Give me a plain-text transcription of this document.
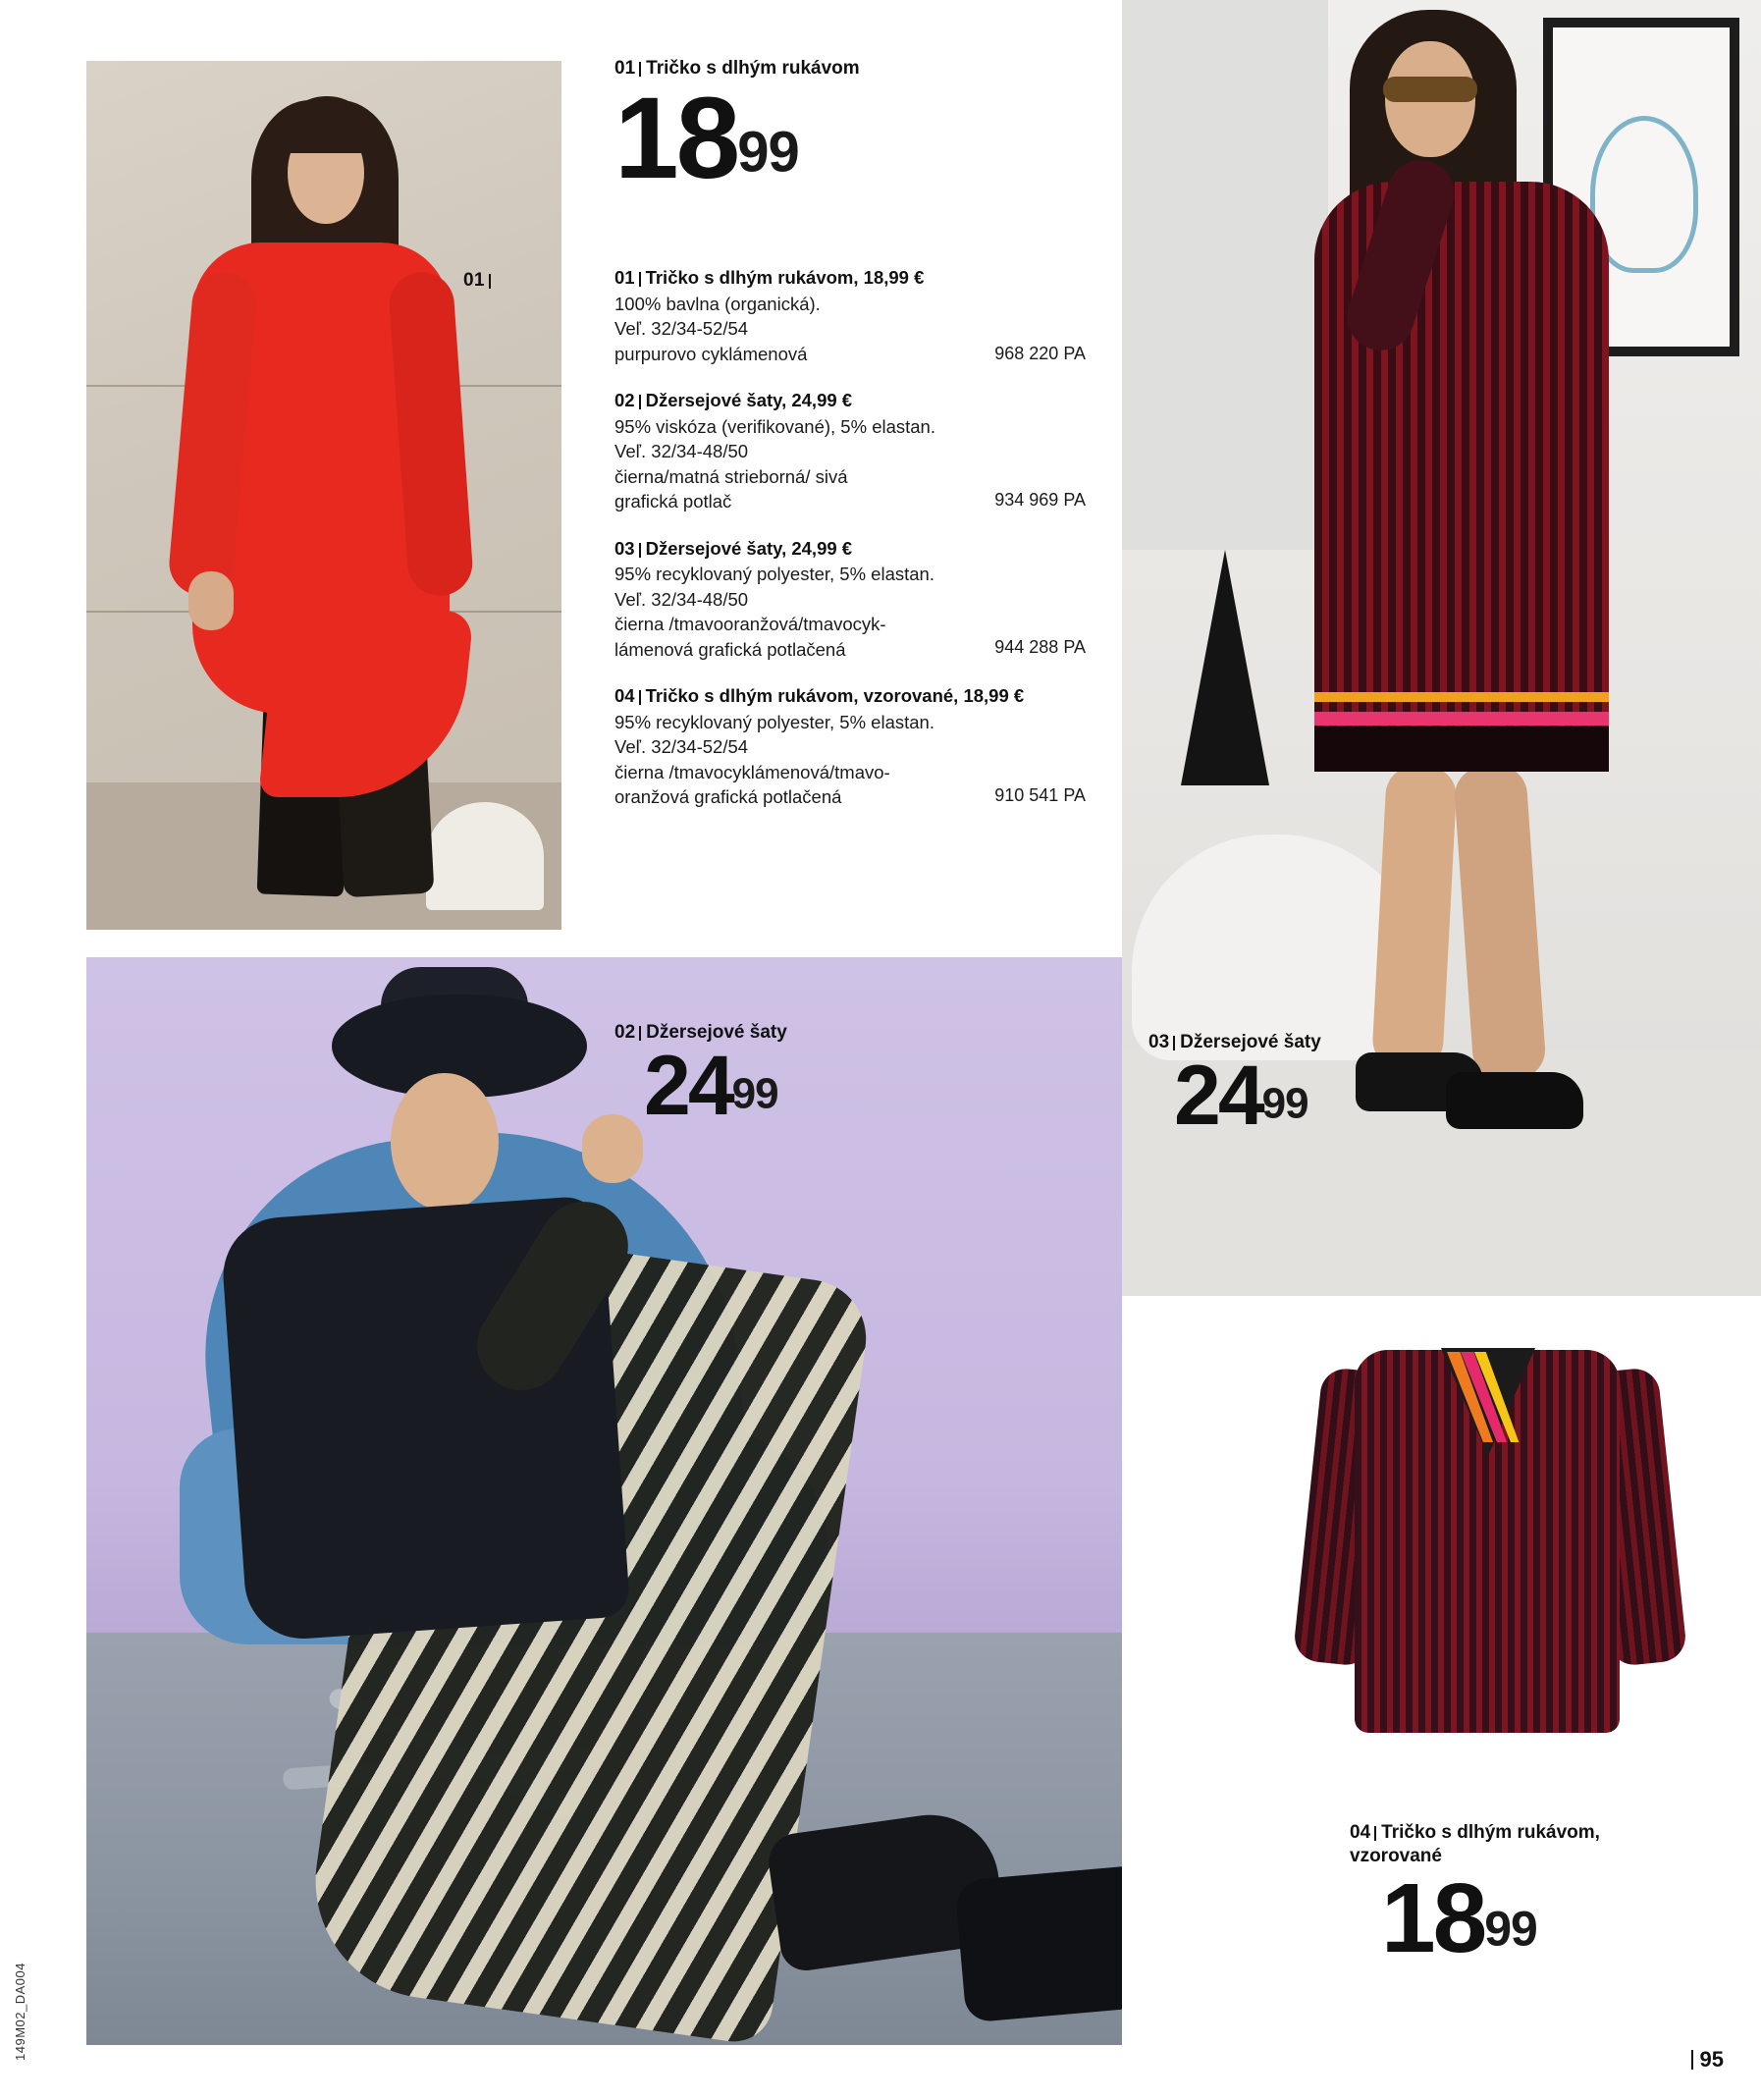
01
01 Tričko s dlhým rukávom
1899
01 Tričko s dlhým rukávom, 18,99 €
100% bavlna (organická).
Veľ. 32/34-52/54
purpurovo cyklámenová	968 220 PA
02 Džersejové šaty, 24,99 €
95% viskóza (verifikované), 5% elastan.
Veľ. 32/34-48/50
čierna/matná strieborná/ sivá grafická potlač	934 969 PA
03 Džersejové šaty, 24,99 €
95% recyklovaný polyester, 5% elastan.
Veľ. 32/34-48/50
čierna /tmavooranžová/tmavocyk- lámenová grafická potlačená	944 288 PA
04 Tričko s dlhým rukávom, vzorované, 18,99 €
95% recyklovaný polyester, 5% elastan.
Veľ. 32/34-52/54
čierna /tmavocyklámenová/tmavo- oranžová grafická potlačená	910 541 PA
03 Džersejové šaty
2499
02 Džersejové šaty
2499
04 Tričko s dlhým rukávom, vzorované
1899
149M02_DA004	95
